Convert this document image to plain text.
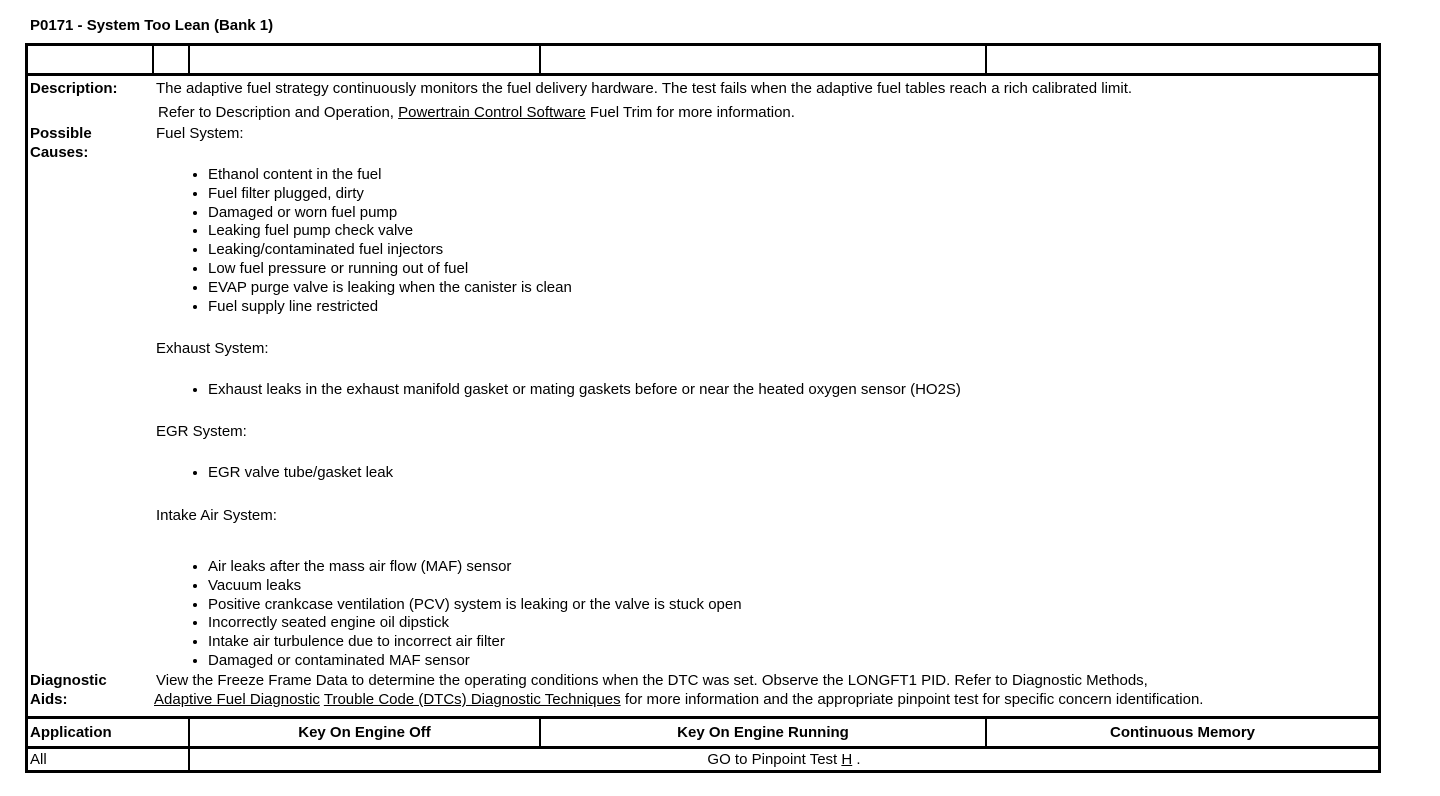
P0171 - System Too Lean (Bank 1)
Description:	The adaptive fuel strategy continuously monitors the fuel delivery hardware. The test fails when the adaptive fuel tables reach a rich calibrated limit.
Refer to Description and Operation, Powertrain Control Software Fuel Trim for more information.
Possible
Causes:
Fuel System:
• Ethanol content in the fuel
• Fuel filter plugged, dirty
• Damaged or worn fuel pump
• Leaking fuel pump check valve
• Leaking/contaminated fuel injectors
• Low fuel pressure or running out of fuel
• EVAP purge valve is leaking when the canister is clean
• Fuel supply line restricted
Exhaust System:
• Exhaust leaks in the exhaust manifold gasket or mating gaskets before or near the heated oxygen sensor (HO2S)
EGR System:
• EGR valve tube/gasket leak
Intake Air System:
• Air leaks after the mass air flow (MAF) sensor
• Vacuum leaks
• Positive crankcase ventilation (PCV) system is leaking or the valve is stuck open
• Incorrectly seated engine oil dipstick
• Intake air turbulence due to incorrect air filter
• Damaged or contaminated MAF sensor
Diagnostic
Aids:
View the Freeze Frame Data to determine the operating conditions when the DTC was set. Observe the LONGFT1 PID. Refer to Diagnostic Methods,
Adaptive Fuel Diagnostic Trouble Code (DTCs) Diagnostic Techniques for more information and the appropriate pinpoint test for specific concern identification.
Application	Key On Engine Off	Key On Engine Running	Continuous Memory
All	GO to Pinpoint Test H .
